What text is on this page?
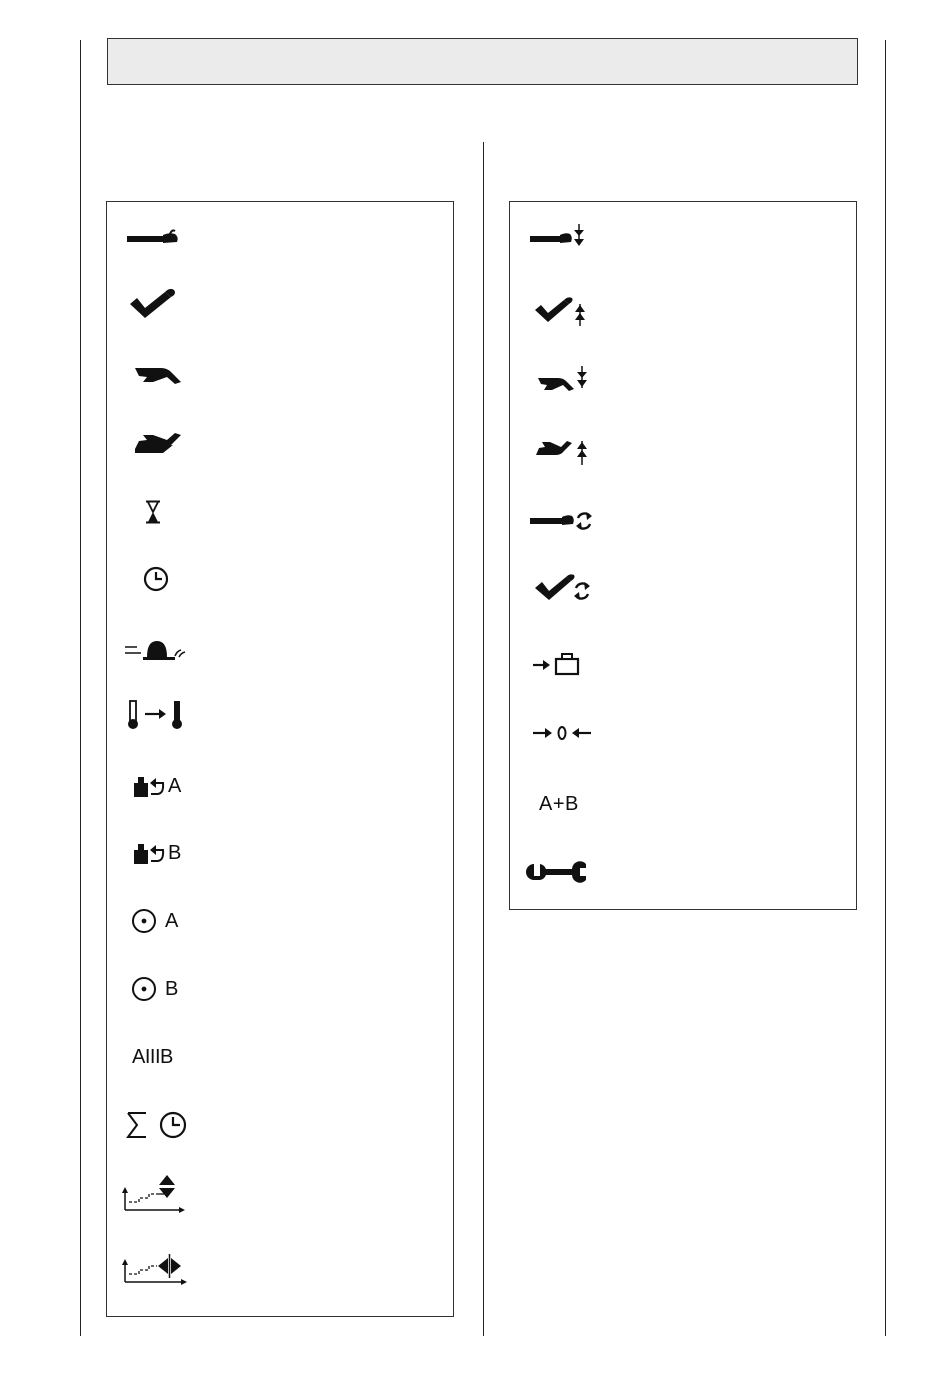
A
B
A
B
AIIIB
A+B
